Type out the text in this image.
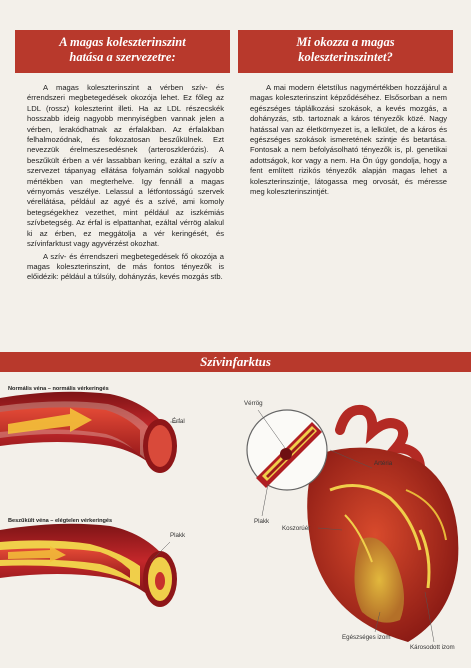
A magas koleszterinszint
hatása a szervezetre:

A magas koleszterinszint a vérben szív- és érrendszeri megbetegedések okozója lehet. Ez főleg az LDL (rossz) koleszterint illeti. Ha az LDL részecskék hosszabb ideig nagyobb mennyiségben vannak jelen a vérben, lerakódhatnak az érfalakban. Az érfalakban felhalmozódnak, és fokozatosan beszűkülnek. Ezt nevezzük érelmeszesedésnek (arteroszklerózis). A beszűkült érben a vér lassabban kering, ezáltal a szív a szervezet tápanyag ellátása folyamán sokkal nagyobb mértékben van megterhelve. Igy fennáll a magas vérnyomás veszélye. Lelassul a létfontosságú szervek vérellátása, például az agyé és a szívé, ami komoly betegségekhez vezethet, mint például az iszkémiás szívbetegség. Az érfal is elpattanhat, ezáltal vérrög alakul ki az érben, ez meggátolja a vér keringését, és szívinfarktust vagy agyvérzést okozhat.

A szív- és érrendszeri megbetegedések fő okozója a magas koleszterinszint, de más fontos tényezők is előidézik: például a túlsúly, dohányzás, kevés mozgás stb.

Mi okozza a magas
koleszterinszintet?

A mai modern életstílus nagymértékben hozzájárul a magas koleszterinszint képződéséhez. Elsősorban a nem egészséges táplálkozási szokások, a kevés mozgás, a dohányzás, stb. tartoznak a káros tényezők közé. Nagy hatással van az életkörnyezet is, a lelkület, de a káros és egészséges szokások ismeretének szintje és betartása. Fontosak a nem befolyásolható tényezők is, pl. genetikai adottságok, kor vagy a nem. Ha Ön úgy gondolja, hogy a fent említett rizikós tényezők alapján magas lehet a koleszterinszintje, látogassa meg orvosát, és méresse meg koleszterinszintjét.

Szívinfarktus
Normális véna – normális vérkeringés
Érfal
Beszűkült véna – elégtelen vérkeringés
Plakk
Vérrög
Artéria
Plakk
Koszorúér
Egészséges izom
Károsodott izom
